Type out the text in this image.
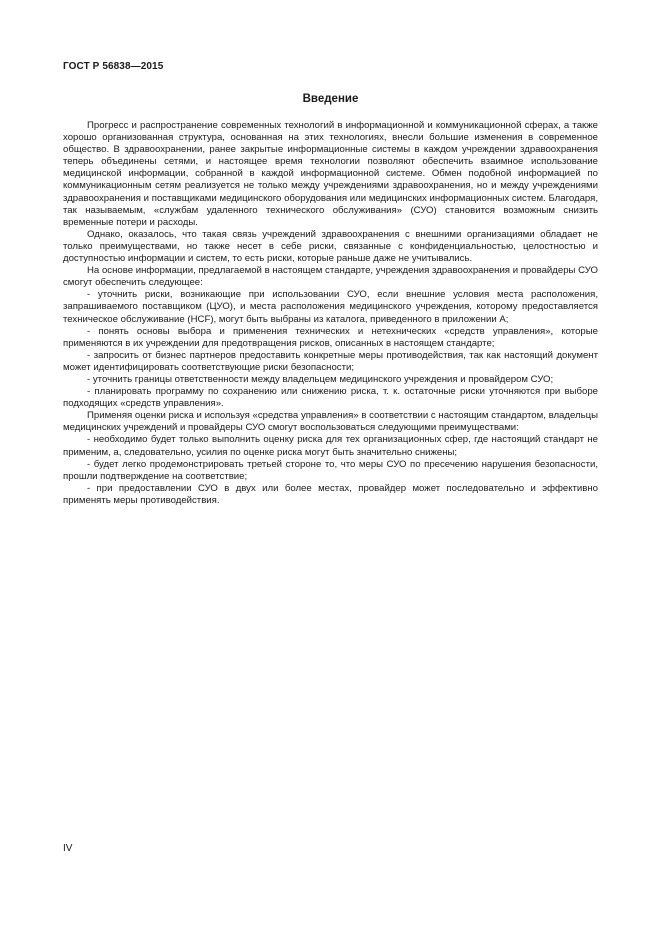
ГОСТ Р 56838—2015
Введение

Прогресс и распространение современных технологий в информационной и коммуникационной сферах, а также хорошо организованная структура, основанная на этих технологиях, внесли большие изменения в современное общество. В здравоохранении, ранее закрытые информационные системы в каждом учреждении здравоохранения теперь объединены сетями, и настоящее время технологии позволяют обеспечить взаимное использование медицинской информации, собранной в каждой информационной системе. Обмен подобной информацией по коммуникационным сетям реализуется не только между учреждениями здравоохранения, но и между учреждениями здравоохранения и поставщиками медицинского оборудования или медицинских информационных систем. Благодаря, так называемым, «службам удаленного технического обслуживания» (СУО) становится возможным снизить временные потери и расходы.

Однако, оказалось, что такая связь учреждений здравоохранения с внешними организациями обладает не только преимуществами, но также несет в себе риски, связанные с конфиденциальностью, целостностью и доступностью информации и систем, то есть риски, которые раньше даже не учитывались.

На основе информации, предлагаемой в настоящем стандарте, учреждения здравоохранения и провайдеры СУО смогут обеспечить следующее:

- уточнить риски, возникающие при использовании СУО, если внешние условия места расположения, запрашиваемого поставщиком (ЦУО), и места расположения медицинского учреждения, которому предоставляется техническое обслуживание (HCF), могут быть выбраны из каталога, приведенного в приложении А;

- понять основы выбора и применения технических и нетехнических «средств управления», которые применяются в их учреждении для предотвращения рисков, описанных в настоящем стандарте;

- запросить от бизнес партнеров предоставить конкретные меры противодействия, так как настоящий документ может идентифицировать соответствующие риски безопасности;

- уточнить границы ответственности между владельцем медицинского учреждения и провайдером СУО;

- планировать программу по сохранению или снижению риска, т. к. остаточные риски уточняются при выборе подходящих «средств управления».

Применяя оценки риска и используя «средства управления» в соответствии с настоящим стандартом, владельцы медицинских учреждений и провайдеры СУО смогут воспользоваться следующими преимуществами:

- необходимо будет только выполнить оценку риска для тех организационных сфер, где настоящий стандарт не применим, а, следовательно, усилия по оценке риска могут быть значительно снижены;

- будет легко продемонстрировать третьей стороне то, что меры СУО по пресечению нарушения безопасности, прошли подтверждение на соответствие;

- при предоставлении СУО в двух или более местах, провайдер может последовательно и эффективно применять меры противодействия.

IV
